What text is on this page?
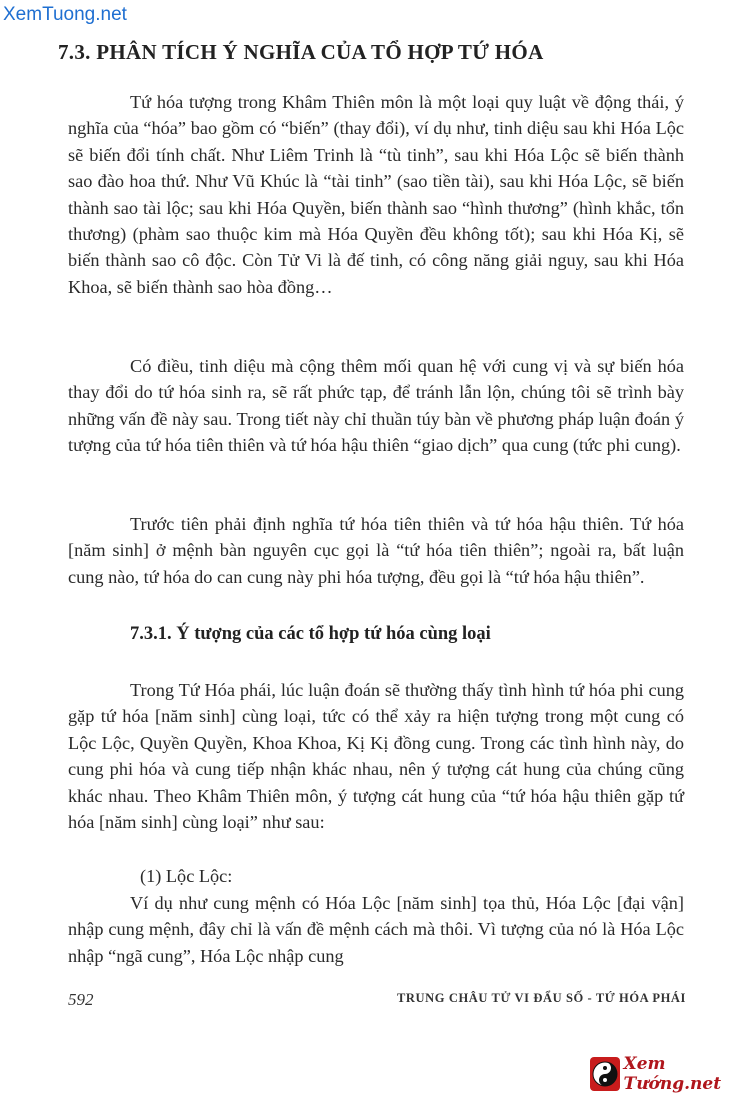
XemTuong.net

7.3. PHÂN TÍCH Ý NGHĨA CỦA TỔ HỢP TỨ HÓA

Tứ hóa tượng trong Khâm Thiên môn là một loại quy luật về động thái, ý nghĩa của “hóa” bao gồm có “biến” (thay đổi), ví dụ như, tinh diệu sau khi Hóa Lộc sẽ biến đổi tính chất. Như Liêm Trinh là “tù tinh”, sau khi Hóa Lộc sẽ biến thành sao đào hoa thứ. Như Vũ Khúc là “tài tinh” (sao tiền tài), sau khi Hóa Lộc, sẽ biến thành sao tài lộc; sau khi Hóa Quyền, biến thành sao “hình thương” (hình khắc, tổn thương) (phàm sao thuộc kim mà Hóa Quyền đều không tốt); sau khi Hóa Kị, sẽ biến thành sao cô độc. Còn Tử Vi là đế tinh, có công năng giải nguy, sau khi Hóa Khoa, sẽ biến thành sao hòa đồng…

Có điều, tinh diệu mà cộng thêm mối quan hệ với cung vị và sự biến hóa thay đổi do tứ hóa sinh ra, sẽ rất phức tạp, để tránh lẫn lộn, chúng tôi sẽ trình bày những vấn đề này sau. Trong tiết này chỉ thuần túy bàn về phương pháp luận đoán ý tượng của tứ hóa tiên thiên và tứ hóa hậu thiên “giao dịch” qua cung (tức phi cung).

Trước tiên phải định nghĩa tứ hóa tiên thiên và tứ hóa hậu thiên. Tứ hóa [năm sinh] ở mệnh bàn nguyên cục gọi là “tứ hóa tiên thiên”; ngoài ra, bất luận cung nào, tứ hóa do can cung này phi hóa tượng, đều gọi là “tứ hóa hậu thiên”.

7.3.1. Ý tượng của các tổ hợp tứ hóa cùng loại

Trong Tứ Hóa phái, lúc luận đoán sẽ thường thấy tình hình tứ hóa phi cung gặp tứ hóa [năm sinh] cùng loại, tức có thể xảy ra hiện tượng trong một cung có Lộc Lộc, Quyền Quyền, Khoa Khoa, Kị Kị đồng cung. Trong các tình hình này, do cung phi hóa và cung tiếp nhận khác nhau, nên ý tượng cát hung của chúng cũng khác nhau. Theo Khâm Thiên môn, ý tượng cát hung của “tứ hóa hậu thiên gặp tứ hóa [năm sinh] cùng loại” như sau:

(1) Lộc Lộc:

Ví dụ như cung mệnh có Hóa Lộc [năm sinh] tọa thủ, Hóa Lộc [đại vận] nhập cung mệnh, đây chỉ là vấn đề mệnh cách mà thôi. Vì tượng của nó là Hóa Lộc nhập “ngã cung”, Hóa Lộc nhập cung

592	TRUNG CHÂU TỬ VI ĐẨU SỐ - TỨ HÓA PHÁI

Xem Tướng.net
